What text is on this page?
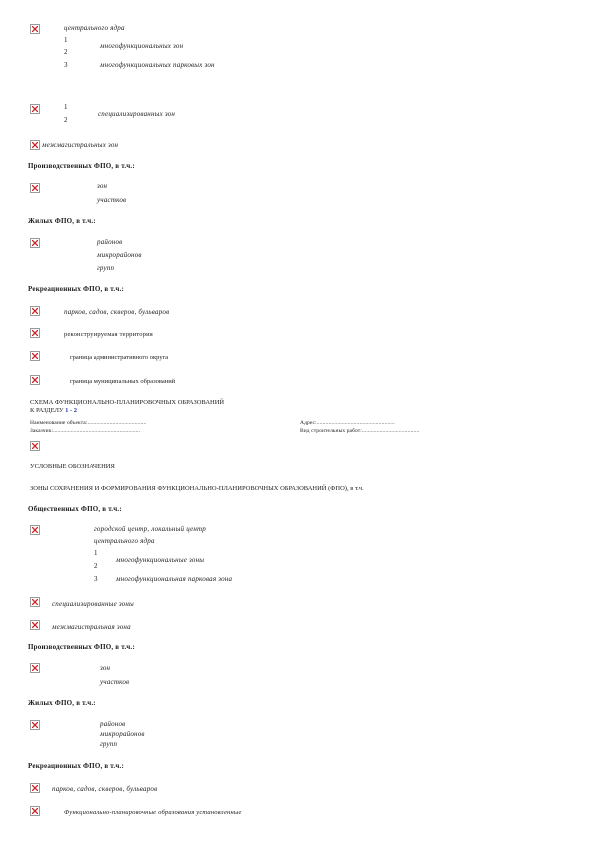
центрального ядра
1
2
многофункциональных зон
3	многофункциональных парковых зон
1
2
специализированных зон
межмагистральных зон
Производственных ФПО, в т.ч.:
зон
участков
Жилых ФПО, в т.ч.:
районов
микрорайонов
групп
Рекреационных ФПО, в т.ч.:
парков, садов, скверов, бульваров
реконструируемая территория
граница административного округа
граница муниципальных образований
СХЕМА ФУНКЦИОНАЛЬНО-ПЛАНИРОВОЧНЫХ ОБРАЗОВАНИЙ
К РАЗДЕЛУ 1 - 2
Наименование объекта:........................................
Заказчик:...........................................................
Адрес:.....................................................
Вид строительных работ:.......................................
УСЛОВНЫЕ ОБОЗНАЧЕНИЯ
ЗОНЫ СОХРАНЕНИЯ И ФОРМИРОВАНИЯ ФУНКЦИОНАЛЬНО-ПЛАНИРОВОЧНЫХ ОБРАЗОВАНИЙ (ФПО), в т.ч.
Общественных ФПО, в т.ч.:
городской центр, локальный центр
центрального ядра
1
2
многофункциональные зоны
3	многофункциональная парковая зона
специализированные зоны
межмагистральная зона
Производственных ФПО, в т.ч.:
зон
участков
Жилых ФПО, в т.ч.:
районов
микрорайонов
групп
Рекреационных ФПО, в т.ч.:
парков, садов, скверов, бульваров
Функционально-планировочные образования установленные
